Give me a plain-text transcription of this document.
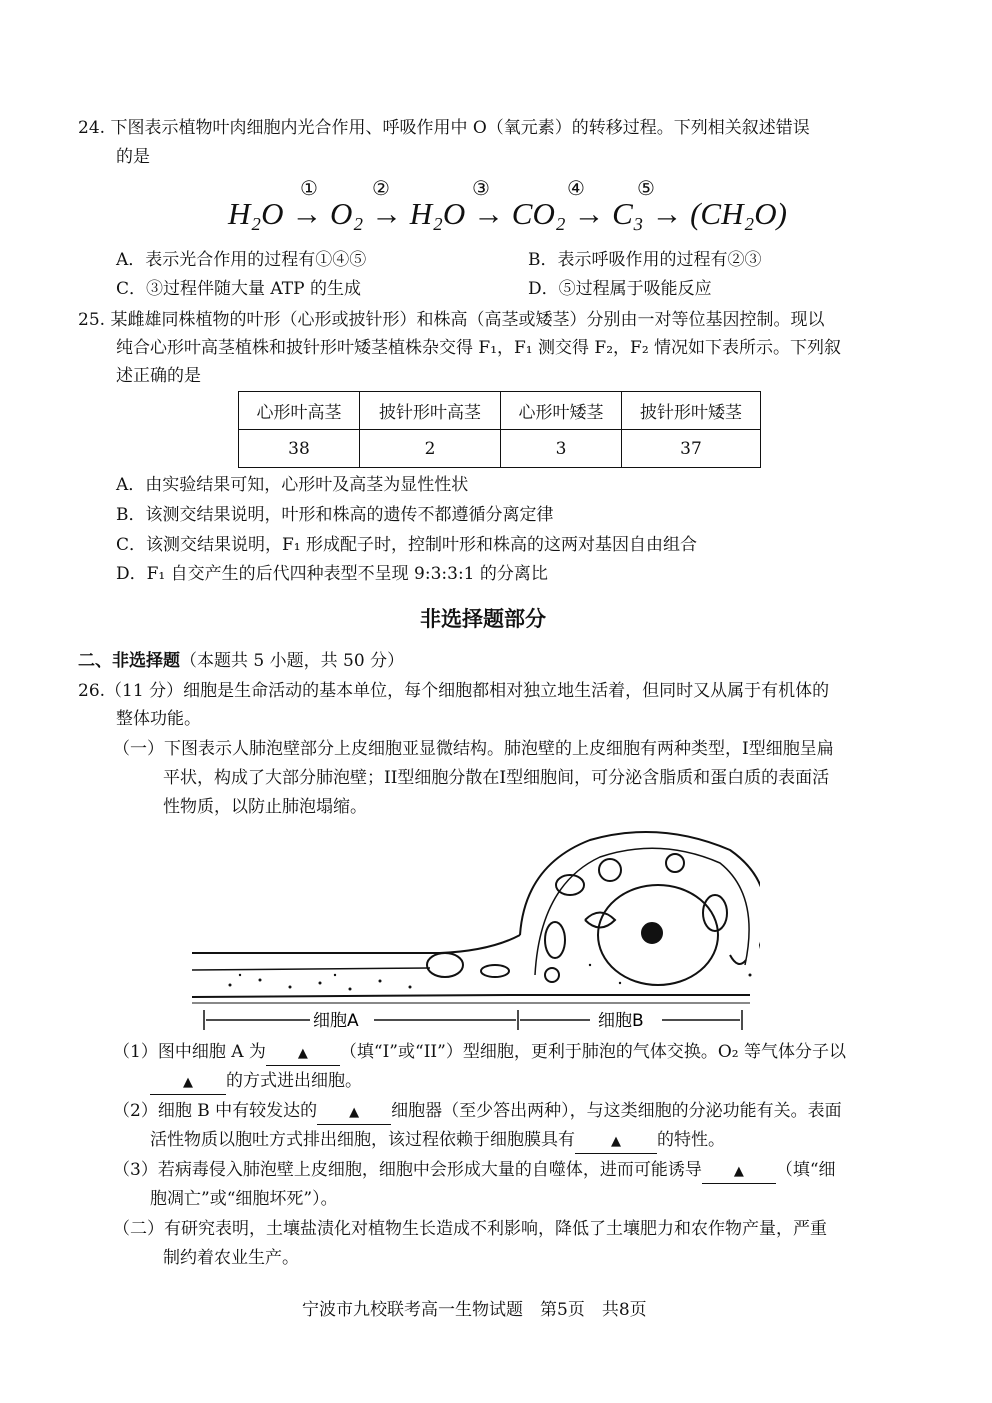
24. 下图表示植物叶肉细胞内光合作用、呼吸作用中 O（氧元素）的转移过程。下列相关叙述错误
的是
①	②	③	④	⑤
H₂O → O₂ → H₂O → CO₂ → C₃ → (CH₂O)
A．表示光合作用的过程有①④⑤	B．表示呼吸作用的过程有②③
C．③过程伴随大量 ATP 的生成	D．⑤过程属于吸能反应
25. 某雌雄同株植物的叶形（心形或披针形）和株高（高茎或矮茎）分别由一对等位基因控制。现以
纯合心形叶高茎植株和披针形叶矮茎植株杂交得 F₁，F₁ 测交得 F₂，F₂ 情况如下表所示。下列叙
述正确的是
心形叶高茎	披针形叶高茎	心形叶矮茎	披针形叶矮茎
38	2	3	37
A．由实验结果可知，心形叶及高茎为显性性状
B．该测交结果说明，叶形和株高的遗传不都遵循分离定律
C．该测交结果说明，F₁ 形成配子时，控制叶形和株高的这两对基因自由组合
D．F₁ 自交产生的后代四种表型不呈现 9:3:3:1 的分离比
非选择题部分
二、非选择题（本题共 5 小题，共 50 分）
26.（11 分）细胞是生命活动的基本单位，每个细胞都相对独立地生活着，但同时又从属于有机体的
整体功能。
（一）下图表示人肺泡壁部分上皮细胞亚显微结构。肺泡壁的上皮细胞有两种类型，I型细胞呈扁
平状，构成了大部分肺泡壁；II型细胞分散在I型细胞间，可分泌含脂质和蛋白质的表面活
性物质，以防止肺泡塌缩。
细胞A	细胞B
（1）图中细胞 A 为 ▲ （填“I”或“II”）型细胞，更利于肺泡的气体交换。O₂ 等气体分子以
▲ 的方式进出细胞。
（2）细胞 B 中有较发达的 ▲ 细胞器（至少答出两种），与这类细胞的分泌功能有关。表面
活性物质以胞吐方式排出细胞，该过程依赖于细胞膜具有	▲ 的特性。
（3）若病毒侵入肺泡壁上皮细胞，细胞中会形成大量的自噬体，进而可能诱导 ▲ （填“细
胞凋亡”或“细胞坏死”）。
（二）有研究表明，土壤盐渍化对植物生长造成不利影响，降低了土壤肥力和农作物产量，严重
制约着农业生产。
宁波市九校联考高一生物试题　第5页　共8页
